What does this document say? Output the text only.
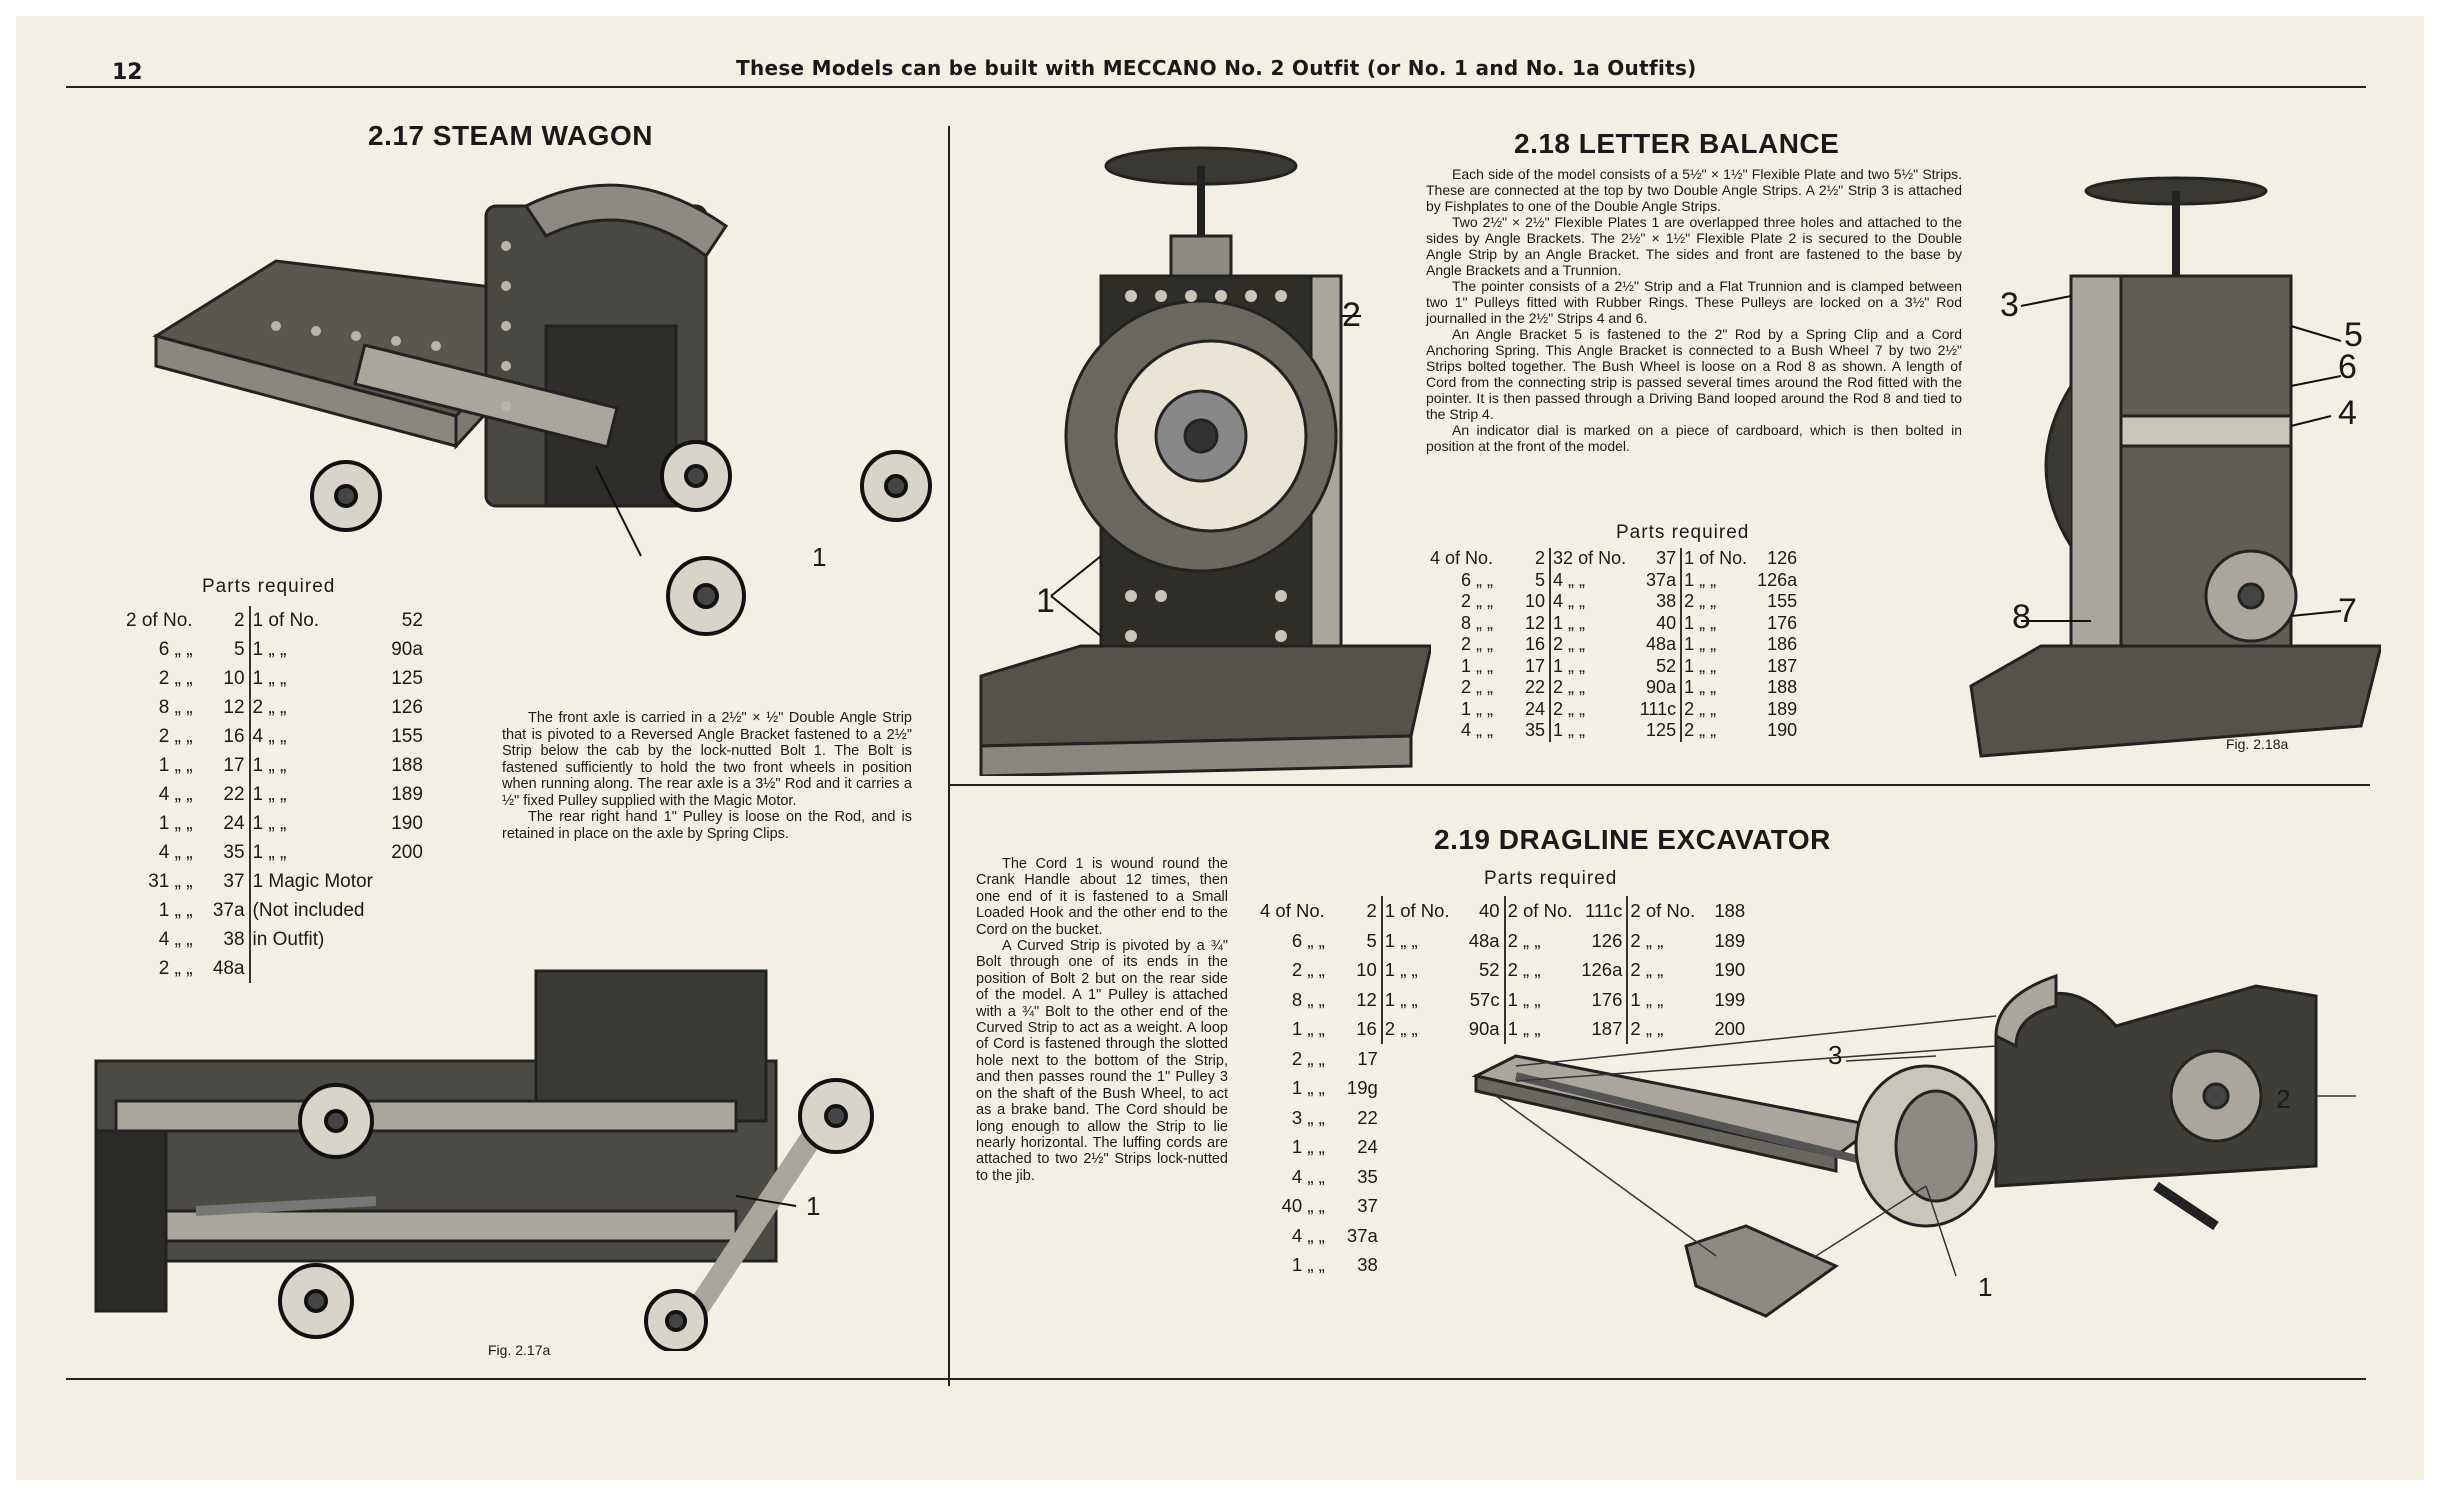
12	These Models can be built with MECCANO No. 2 Outfit (or No. 1 and No. 1a Outfits)
2.17 STEAM WAGON
1
Parts required
2 of No.	2	1 of No.	52
6 „ „	5	1 „ „	90a
2 „ „	10	1 „ „	125
8 „ „	12	2 „ „	126
2 „ „	16	4 „ „	155
1 „ „	17	1 „ „	188
4 „ „	22	1 „ „	189
1 „ „	24	1 „ „	190
4 „ „	35	1 „ „	200
31 „ „	37	1 Magic Motor	
1 „ „	37a	(Not included	
4 „ „	38	in Outfit)	
2 „ „	48a		

The front axle is carried in a 2½" × ½" Double Angle Strip that is pivoted to a Reversed Angle Bracket fastened to a 2½" Strip below the cab by the lock-nutted Bolt 1. The Bolt is fastened sufficiently to hold the two front wheels in position when running along. The rear axle is a 3½" Rod and it carries a ½" fixed Pulley supplied with the Magic Motor.

The rear right hand 1" Pulley is loose on the Rod, and is retained in place on the axle by Spring Clips.

1
Fig. 2.17a
2
1
2.18 LETTER BALANCE

Each side of the model consists of a 5½" × 1½" Flexible Plate and two 5½" Strips. These are connected at the top by two Double Angle Strips. A 2½" Strip 3 is attached by Fishplates to one of the Double Angle Strips.

Two 2½" × 2½" Flexible Plates 1 are overlapped three holes and attached to the sides by Angle Brackets. The 2½" × 1½" Flexible Plate 2 is secured to the Double Angle Strip by an Angle Bracket. The sides and front are fastened to the base by Angle Brackets and a Trunnion.

The pointer consists of a 2½" Strip and a Flat Trunnion and is clamped between two 1" Pulleys fitted with Rubber Rings. These Pulleys are locked on a 3½" Rod journalled in the 2½" Strips 4 and 6.

An Angle Bracket 5 is fastened to the 2" Rod by a Spring Clip and a Cord Anchoring Spring. This Angle Bracket is connected to a Bush Wheel 7 by two 2½" Strips bolted together. The Bush Wheel is loose on a Rod 8 as shown. A length of Cord from the connecting strip is passed several times around the Rod fitted with the pointer. It is then passed through a Driving Band looped around the Rod 8 and tied to the Strip 4.

An indicator dial is marked on a piece of cardboard, which is then bolted in position at the front of the model.

Parts required
4 of No.	2	32 of No.	37	1 of No.	126
6 „ „	5	4 „ „	37a	1 „ „	126a
2 „ „	10	4 „ „	38	2 „ „	155
8 „ „	12	1 „ „	40	1 „ „	176
2 „ „	16	2 „ „	48a	1 „ „	186
1 „ „	17	1 „ „	52	1 „ „	187
2 „ „	22	2 „ „	90a	1 „ „	188
1 „ „	24	2 „ „	111c	2 „ „	189
4 „ „	35	1 „ „	125	2 „ „	190
3
5
6
4
8	7
Fig. 2.18a

The Cord 1 is wound round the Crank Handle about 12 times, then one end of it is fastened to a Small Loaded Hook and the other end to the Cord on the bucket.

A Curved Strip is pivoted by a ¾" Bolt through one of its ends in the position of Bolt 2 but on the rear side of the model. A 1" Pulley is attached with a ¾" Bolt to the other end of the Curved Strip to act as a weight. A loop of Cord is fastened through the slotted hole next to the bottom of the Strip, and then passes round the 1" Pulley 3 on the shaft of the Bush Wheel, to act as a brake band. The Cord should be long enough to allow the Strip to lie nearly horizontal. The luffing cords are attached to two 2½" Strips lock-nutted to the jib.

2.19 DRAGLINE EXCAVATOR
Parts required
4 of No.	2	1 of No.	40	2 of No.	111c	2 of No.	188
6 „ „	5	1 „ „	48a	2 „ „	126	2 „ „	189
2 „ „	10	1 „ „	52	2 „ „	126a	2 „ „	190
8 „ „	12	1 „ „	57c	1 „ „	176	1 „ „	199
1 „ „	16	2 „ „	90a	1 „ „	187	2 „ „	200
2 „ „	17						
1 „ „	19g						
3 „ „	22						
1 „ „	24						
4 „ „	35						
40 „ „	37						
4 „ „	37a						
1 „ „	38						
2
3
1
